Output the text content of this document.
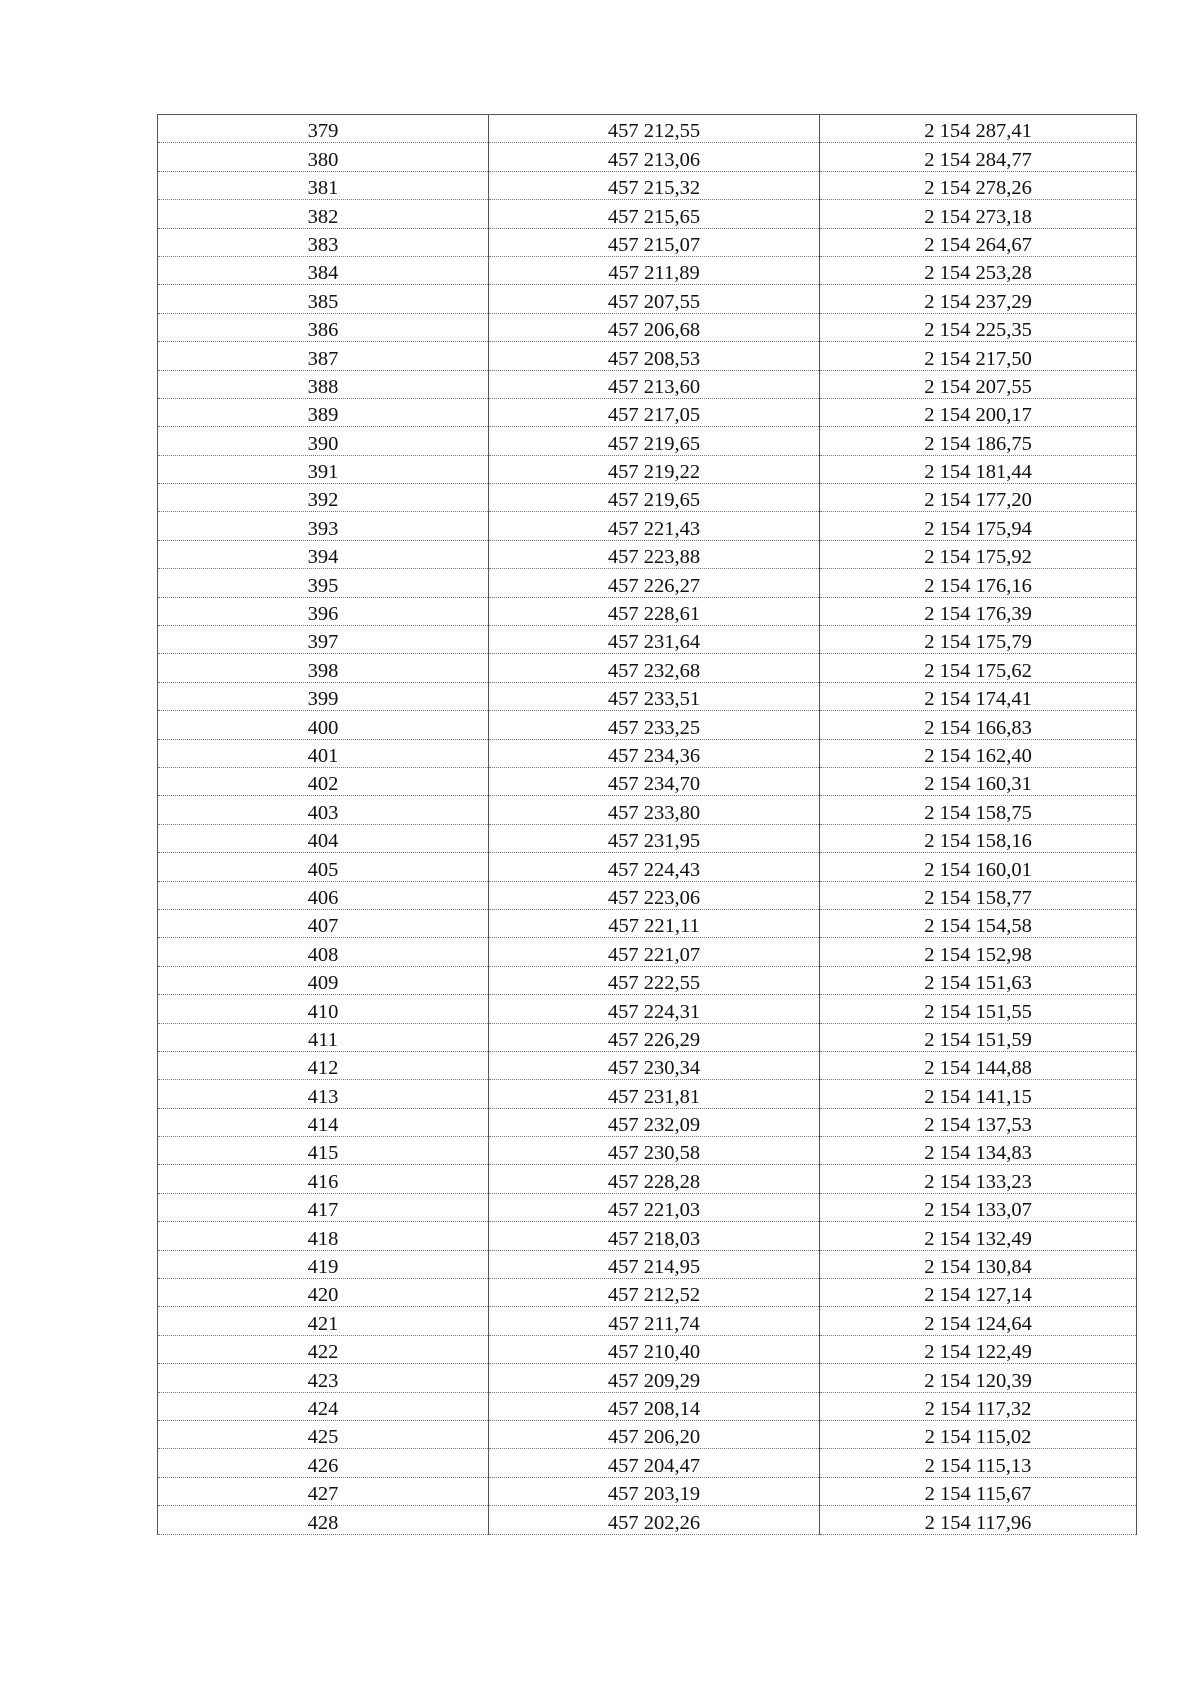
379	457 212,55	2 154 287,41
380	457 213,06	2 154 284,77
381	457 215,32	2 154 278,26
382	457 215,65	2 154 273,18
383	457 215,07	2 154 264,67
384	457 211,89	2 154 253,28
385	457 207,55	2 154 237,29
386	457 206,68	2 154 225,35
387	457 208,53	2 154 217,50
388	457 213,60	2 154 207,55
389	457 217,05	2 154 200,17
390	457 219,65	2 154 186,75
391	457 219,22	2 154 181,44
392	457 219,65	2 154 177,20
393	457 221,43	2 154 175,94
394	457 223,88	2 154 175,92
395	457 226,27	2 154 176,16
396	457 228,61	2 154 176,39
397	457 231,64	2 154 175,79
398	457 232,68	2 154 175,62
399	457 233,51	2 154 174,41
400	457 233,25	2 154 166,83
401	457 234,36	2 154 162,40
402	457 234,70	2 154 160,31
403	457 233,80	2 154 158,75
404	457 231,95	2 154 158,16
405	457 224,43	2 154 160,01
406	457 223,06	2 154 158,77
407	457 221,11	2 154 154,58
408	457 221,07	2 154 152,98
409	457 222,55	2 154 151,63
410	457 224,31	2 154 151,55
411	457 226,29	2 154 151,59
412	457 230,34	2 154 144,88
413	457 231,81	2 154 141,15
414	457 232,09	2 154 137,53
415	457 230,58	2 154 134,83
416	457 228,28	2 154 133,23
417	457 221,03	2 154 133,07
418	457 218,03	2 154 132,49
419	457 214,95	2 154 130,84
420	457 212,52	2 154 127,14
421	457 211,74	2 154 124,64
422	457 210,40	2 154 122,49
423	457 209,29	2 154 120,39
424	457 208,14	2 154 117,32
425	457 206,20	2 154 115,02
426	457 204,47	2 154 115,13
427	457 203,19	2 154 115,67
428	457 202,26	2 154 117,96
